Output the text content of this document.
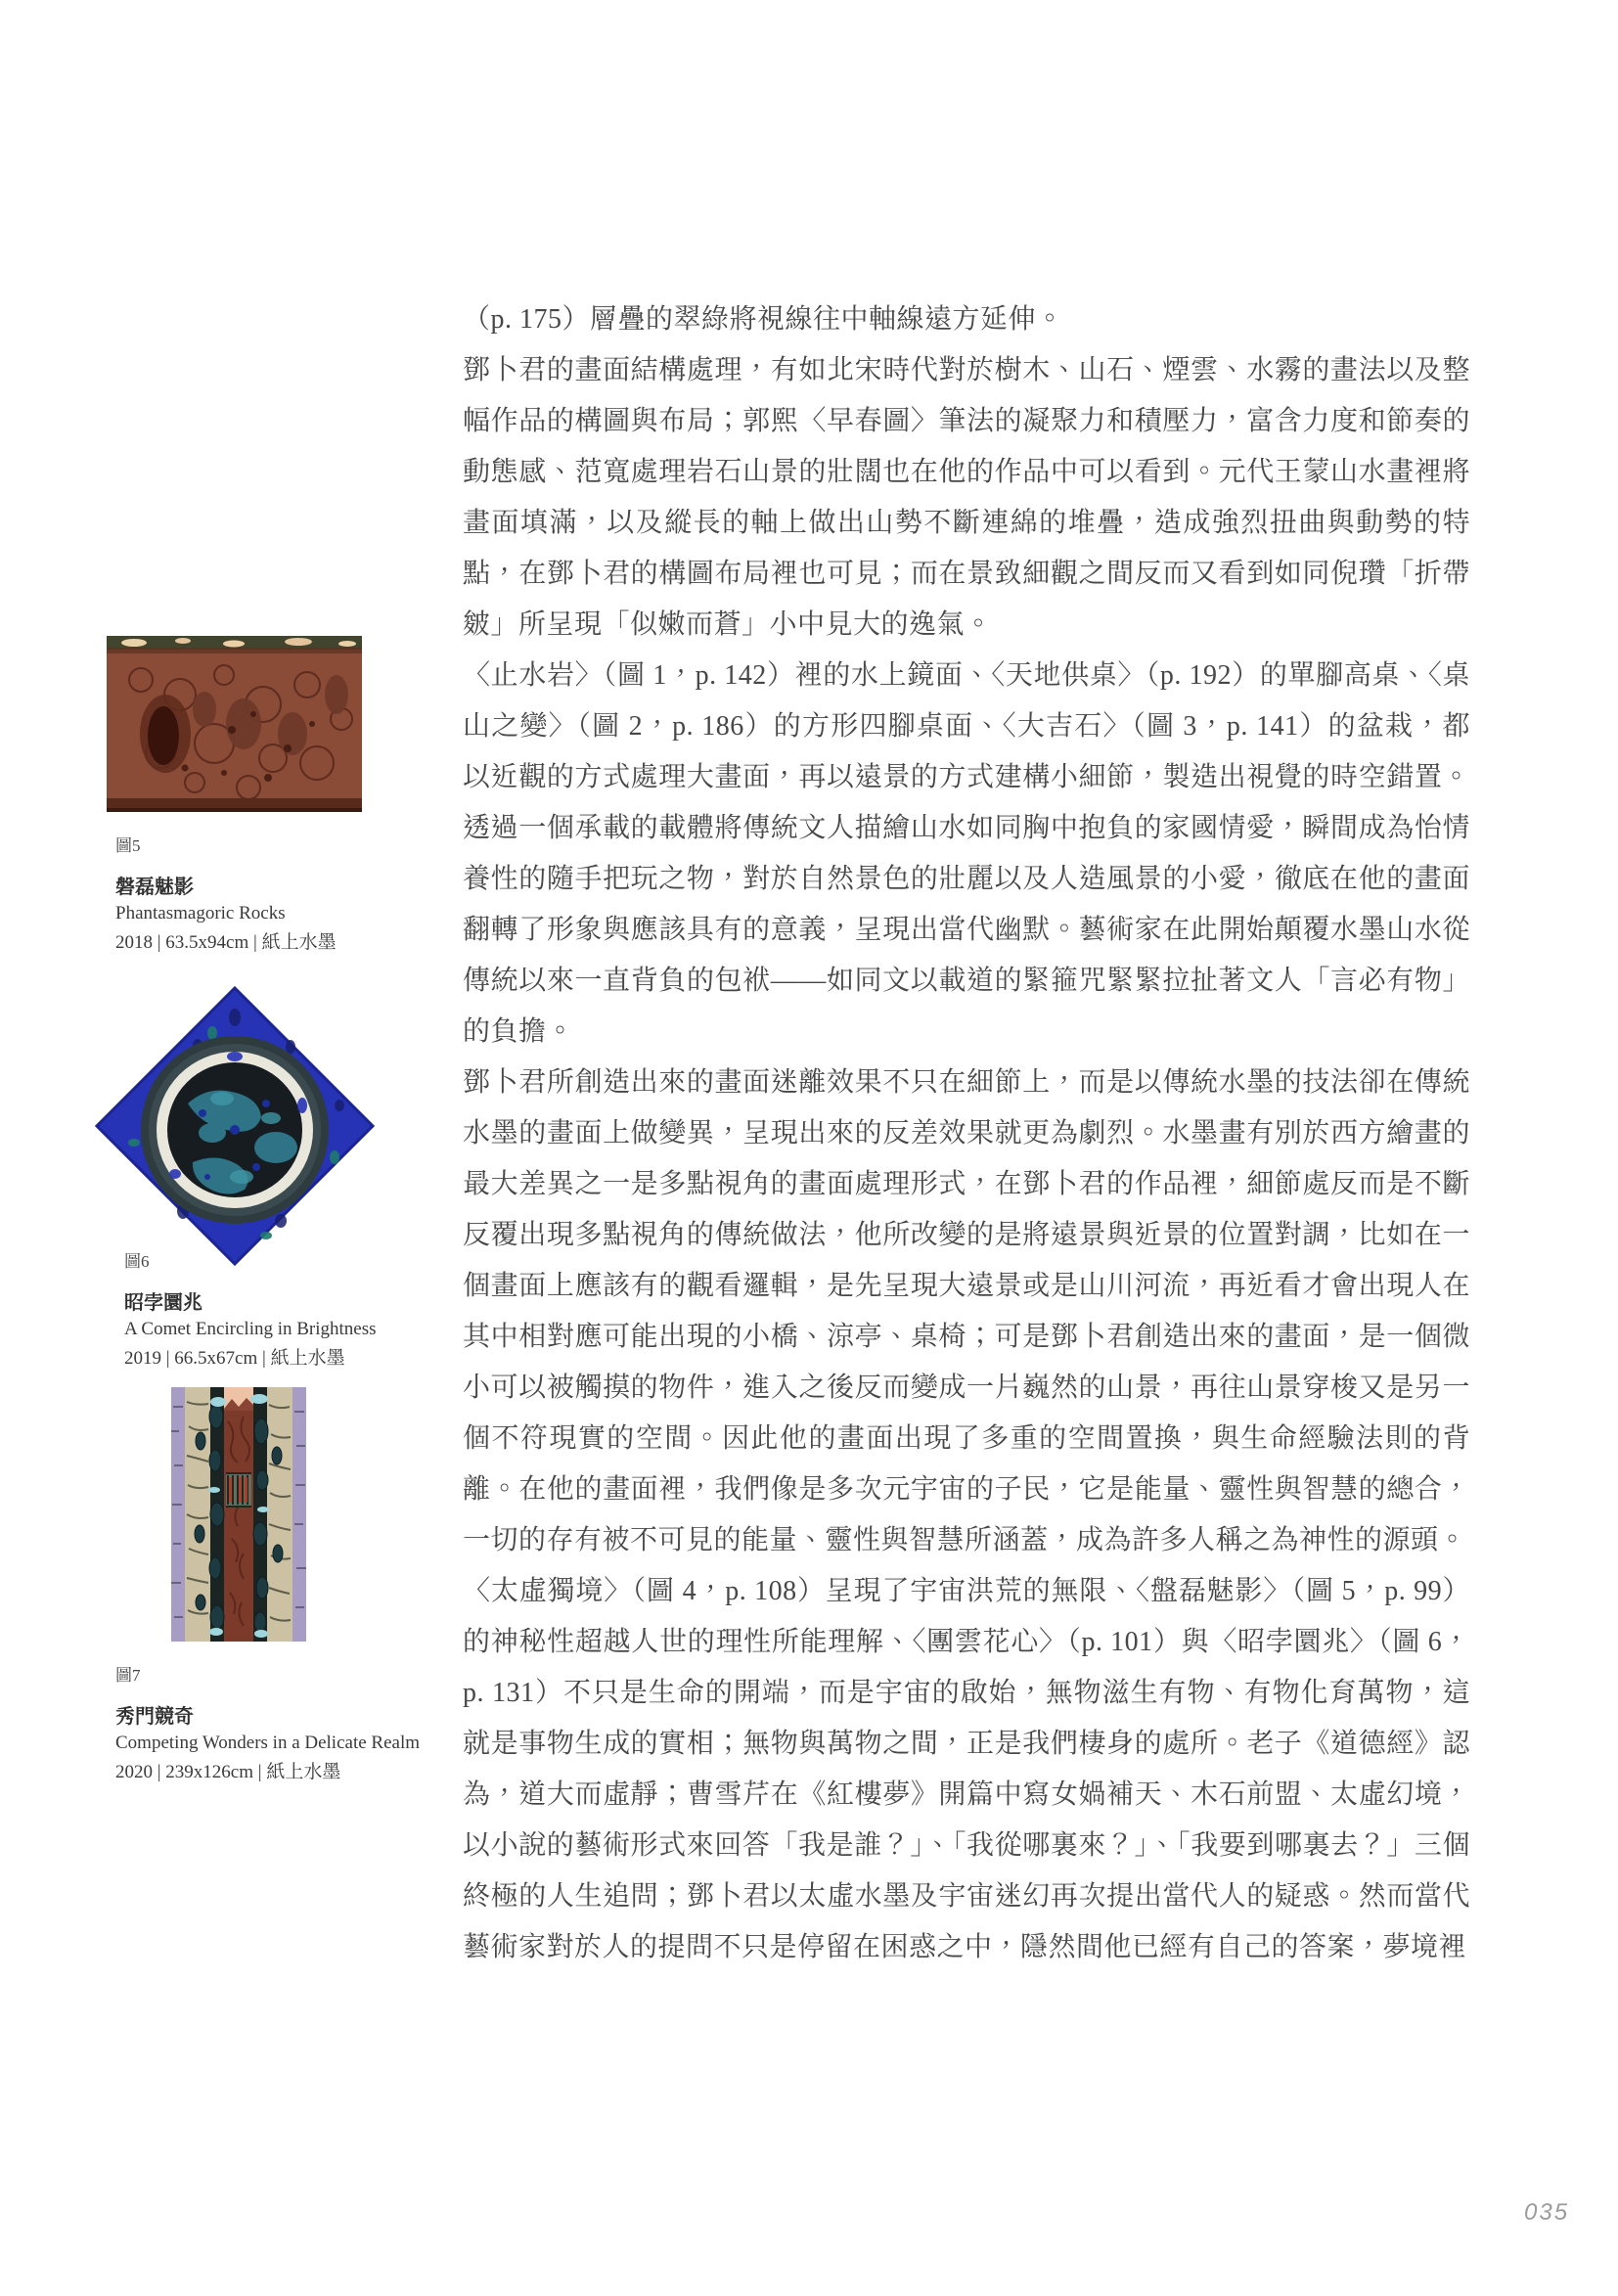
圖5
磐磊魅影
Phantasmagoric Rocks
2018 | 63.5x94cm | 紙上水墨
圖6
昭孛圜兆
A Comet Encircling in Brightness
2019 | 66.5x67cm | 紙上水墨
圖7
秀門競奇
Competing Wonders in a Delicate Realm
2020 | 239x126cm | 紙上水墨

（p. 175）層疊的翠綠將視線往中軸線遠方延伸。

鄧卜君的畫面結構處理，有如北宋時代對於樹木、山石、煙雲、水霧的畫法以及整幅作品的構圖與布局；郭熙〈早春圖〉筆法的凝聚力和積壓力，富含力度和節奏的動態感、范寬處理岩石山景的壯闊也在他的作品中可以看到。元代王蒙山水畫裡將畫面填滿，以及縱長的軸上做出山勢不斷連綿的堆疊，造成強烈扭曲與動勢的特點，在鄧卜君的構圖布局裡也可見；而在景致細觀之間反而又看到如同倪瓚「折帶皴」所呈現「似嫩而蒼」小中見大的逸氣。

〈止水岩〉（圖 1，p. 142）裡的水上鏡面、〈天地供桌〉（p. 192）的單腳高桌、〈桌山之變〉（圖 2，p. 186）的方形四腳桌面、〈大吉石〉（圖 3，p. 141）的盆栽，都以近觀的方式處理大畫面，再以遠景的方式建構小細節，製造出視覺的時空錯置。透過一個承載的載體將傳統文人描繪山水如同胸中抱負的家國情愛，瞬間成為怡情養性的隨手把玩之物，對於自然景色的壯麗以及人造風景的小愛，徹底在他的畫面翻轉了形象與應該具有的意義，呈現出當代幽默。藝術家在此開始顛覆水墨山水從傳統以來一直背負的包袱——如同文以載道的緊箍咒緊緊拉扯著文人「言必有物」的負擔。

鄧卜君所創造出來的畫面迷離效果不只在細節上，而是以傳統水墨的技法卻在傳統水墨的畫面上做變異，呈現出來的反差效果就更為劇烈。水墨畫有別於西方繪畫的最大差異之一是多點視角的畫面處理形式，在鄧卜君的作品裡，細節處反而是不斷反覆出現多點視角的傳統做法，他所改變的是將遠景與近景的位置對調，比如在一個畫面上應該有的觀看邏輯，是先呈現大遠景或是山川河流，再近看才會出現人在其中相對應可能出現的小橋、涼亭、桌椅；可是鄧卜君創造出來的畫面，是一個微小可以被觸摸的物件，進入之後反而變成一片巍然的山景，再往山景穿梭又是另一個不符現實的空間。因此他的畫面出現了多重的空間置換，與生命經驗法則的背離。在他的畫面裡，我們像是多次元宇宙的子民，它是能量、靈性與智慧的總合，一切的存有被不可見的能量、靈性與智慧所涵蓋，成為許多人稱之為神性的源頭。

〈太虛獨境〉（圖 4，p. 108）呈現了宇宙洪荒的無限、〈盤磊魅影〉（圖 5，p. 99）的神秘性超越人世的理性所能理解、〈團雲花心〉（p. 101）與〈昭孛圜兆〉（圖 6，p. 131）不只是生命的開端，而是宇宙的啟始，無物滋生有物、有物化育萬物，這就是事物生成的實相；無物與萬物之間，正是我們棲身的處所。老子《道德經》認為，道大而虛靜；曹雪芹在《紅樓夢》開篇中寫女媧補天、木石前盟、太虛幻境，以小說的藝術形式來回答「我是誰？」、「我從哪裏來？」、「我要到哪裏去？」三個終極的人生追問；鄧卜君以太虛水墨及宇宙迷幻再次提出當代人的疑惑。然而當代藝術家對於人的提問不只是停留在困惑之中，隱然間他已經有自己的答案，夢境裡

035
